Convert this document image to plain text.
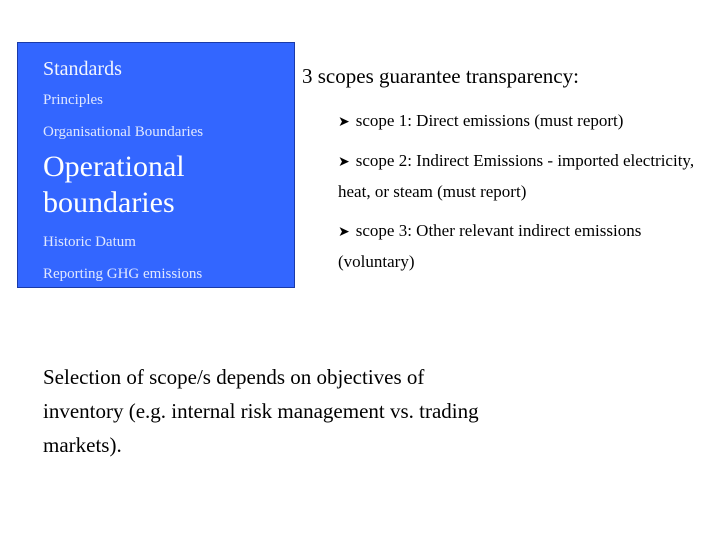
Standards
Principles
Organisational Boundaries
Operational boundaries
Historic Datum
Reporting GHG emissions
3 scopes guarantee transparency:
➤ scope 1: Direct emissions (must report)
➤ scope 2: Indirect Emissions - imported electricity, heat, or steam (must report)
➤ scope 3: Other relevant indirect emissions (voluntary)
Selection of scope/s depends on objectives of inventory (e.g. internal risk management vs. trading markets).
